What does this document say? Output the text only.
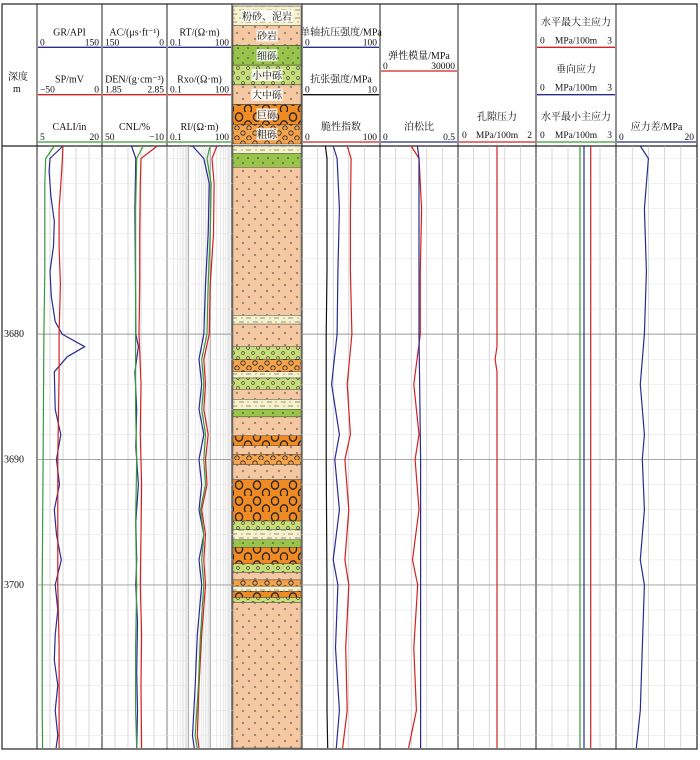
深度
m
粉砂、泥岩
砂岩
细砾
小中砾
大中砾
巨砾
粗砾
GR/API
0	150
SP/mV
−50	0
CALI/in
5	20
AC/(μs·ft⁻¹)
150	0
DEN/(g·cm⁻³)
1.85	2.85
CNL/%
50	−10
RT/(Ω·m)
0.1	100
Rxo/(Ω·m)
0.1	100
RI/(Ω·m)
0.1	100
单轴抗压强度/MPa
0	100
抗张强度/MPa
0	10
脆性指数
0	100
弹性模量/MPa
0	30000
泊松比
0	0.5
孔隙压力
0 MPa/100m 2
水平最大主应力
0 MPa/100m 3
垂向应力
0 MPa/100m 3
水平最小主应力
0 MPa/100m 3
应力差/MPa
0	20
3680
3690
3700
